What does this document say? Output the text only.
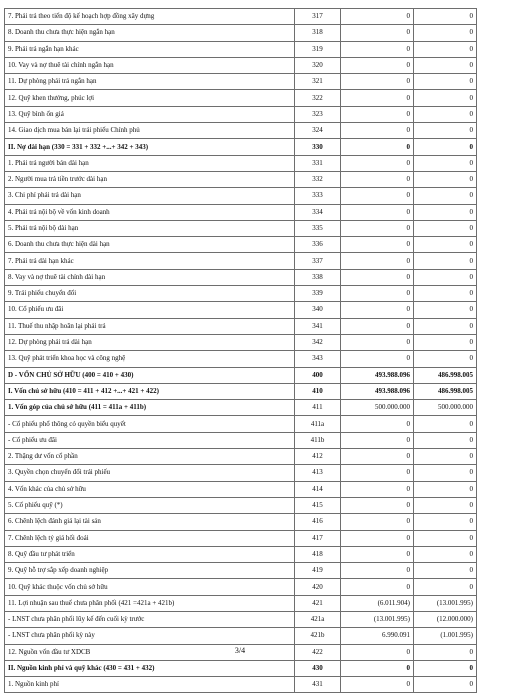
7. Phải trả theo tiến độ kế hoạch hợp đồng xây dựng	317	0	0
8. Doanh thu chưa thực hiện ngắn hạn	318	0	0
9. Phải trả ngắn hạn khác	319	0	0
10. Vay và nợ thuê tài chính ngắn hạn	320	0	0
11. Dự phòng phải trả ngắn hạn	321	0	0
12. Quỹ khen thưởng, phúc lợi	322	0	0
13. Quỹ bình ổn giá	323	0	0
14. Giao dịch mua bán lại trái phiếu Chính phủ	324	0	0
II. Nợ dài hạn (330 = 331 + 332 +...+ 342 + 343)	330	0	0
1. Phải trả người bán dài hạn	331	0	0
2. Người mua trả tiền trước dài hạn	332	0	0
3. Chi phí phải trả dài hạn	333	0	0
4. Phải trả nội bộ về vốn kinh doanh	334	0	0
5. Phải trả nội bộ dài hạn	335	0	0
6. Doanh thu chưa thực hiện dài hạn	336	0	0
7. Phải trả dài hạn khác	337	0	0
8. Vay và nợ thuê tài chính dài hạn	338	0	0
9. Trái phiếu chuyển đổi	339	0	0
10. Cổ phiếu ưu đãi	340	0	0
11. Thuế thu nhập hoãn lại phải trả	341	0	0
12. Dự phòng phải trả dài hạn	342	0	0
13. Quỹ phát triển khoa học và công nghệ	343	0	0
D - VỐN CHỦ SỞ HỮU (400 = 410 + 430)	400	493.988.096	486.998.005
I. Vốn chủ sở hữu (410 = 411 + 412 +...+ 421 + 422)	410	493.988.096	486.998.005
1. Vốn góp của chủ sở hữu (411 = 411a + 411b)	411	500.000.000	500.000.000
- Cổ phiếu phổ thông có quyền biểu quyết	411a	0	0
- Cổ phiếu ưu đãi	411b	0	0
2. Thặng dư vốn cổ phần	412	0	0
3. Quyền chọn chuyển đổi trái phiếu	413	0	0
4. Vốn khác của chủ sở hữu	414	0	0
5. Cổ phiếu quỹ (*)	415	0	0
6. Chênh lệch đánh giá lại tài sản	416	0	0
7. Chênh lệch tỷ giá hối đoái	417	0	0
8. Quỹ đầu tư phát triển	418	0	0
9. Quỹ hỗ trợ sắp xếp doanh nghiệp	419	0	0
10. Quỹ khác thuộc vốn chủ sở hữu	420	0	0
11. Lợi nhuận sau thuế chưa phân phối (421 =421a + 421b)	421	(6.011.904)	(13.001.995)
- LNST chưa phân phối lũy kế đến cuối kỳ trước	421a	(13.001.995)	(12.000.000)
- LNST chưa phân phối kỳ này	421b	6.990.091	(1.001.995)
12. Nguồn vốn đầu tư XDCB	422	0	0
II. Nguồn kinh phí và quỹ khác (430 = 431 + 432)	430	0	0
1. Nguồn kinh phí	431	0	0
3/4
